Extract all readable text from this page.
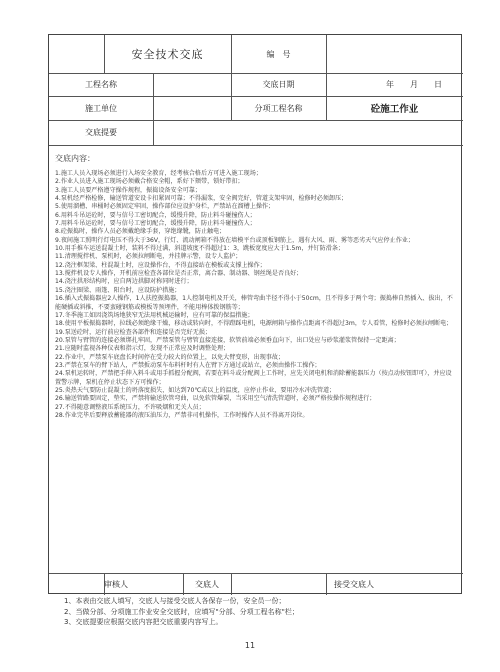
安全技术交底	编　号
工程名称	交底日期	年　　月　　日
施工单位	分项工程名称	砼施工作业
交底提要
交底内容：
1.施工人员入现场必须进行入场安全教育，经考核合格后方可进入施工现场；
2.作业人员进入施工现场必须戴合格安全帽，系好下颏带，锁好带扣；
3.施工人员要严格遵守操作规程，振捣设备安全可靠；
4.泵机经严格检修，输送管道安设卡扣紧固可靠；不得漏浆，安全阀完好，管道支架牢固，检修时必须卸压；
5.使用溜槽、串桶时必须固定牢固，操作部位应设护身栏，严禁站在溜槽上操作；
6.用料斗吊运砼时，要与信号工密切配合，缓慢升降，防止料斗碰撞伤人；
7.用料斗吊运砼时，要与信号工密切配合，缓慢升降，防止料斗碰撞伤人；
8.砼振捣时，操作人员必须戴绝缘手套，穿绝缘靴，防止触电；
9.夜间施工照明行灯电压不得大于36V，行灯、流动闸箱不得放在墙模平台或顶板钢筋上，遇有大风、雨、雾等恶劣天气应停止作业；
10.用手推车运送混凝土时，装料不得过满，斜道坡度不得超过1：3，跳板宽度应大于1.5m，并钉防滑条；
11.清理搅拌机、泵机时，必须拉闸断电，并挂牌示警，设专人监护；
12.浇注框架梁、柱混凝土时，应设操作台，不得直接站在模板或支撑上操作；
13.搅拌机设专人操作，开机前应检查各部位是否正常，离合器、制动器、钢丝绳是否良好；
14.浇注拱形结构时，应自两边拱脚对称同时进行；
15.浇注圈梁、雨篷、阳台时，应设防护措施；
16.插入式振捣器应2人操作，1人扶控振捣器，1人控制电机及开关，棒管弯曲半径不得小于50cm，且不得多于两个弯；振捣棒自然插入、拔出，不能硬插或斜推，不要蛮碰钢筋或模板等预埋件，不能用棒体拨钢筋等；
17.冬季施工如因浇筑场地狭窄无法用机械运输时，应有可靠的保温措施；
18.使用平板振捣器时，拉线必须绝缘干燥，移动或转向时，不得蹬踩电机，电源闸箱与操作点距离不得超过3m，专人看管，检修时必须拉闸断电；
19.泵送砼时，运行前应检查各部件和连接是否完好无损；
20.泵管与臂管的连接必须绑扎牢固，严禁泵管与臂管直接连接，软管前端必须垂直向下，出口处应与砂浆灌浆管保持一定距离；
21.应随时监视各种仪表和指示灯，发现不正常应及时调整处理；
22.作业中，严禁泵车底盘长时间停在受力较大的位置上，以免大臂变形，出现事故；
23.严禁在泵车的臂下站人，严禁扳动泵车布料杆时有人在臂下方通过或站立，必须由操作工操作；
24.泵机运转时，严禁把手伸入料斗或用手抓握分配阀，若要在料斗或分配阀上工作时，应先关闭电机和消除蓄能器压力（按点动按钮即可），并应设置警示牌，泵机在停止状态下方可操作；
25.炎热天气要防止混凝土的坍落度损失，如达到70℃或以上的温度，应停止作业，要用冷水冲洗管道；
26.输送管路要固定，垫实，严禁将输送软管弯曲，以免软管爆裂，当采用空气清洗管道时，必须严格按操作规程进行；
27.不得随意调整液压系统压力，不许吸烟和无关人员；
28.作业完毕后要释放蓄能器的液压油压力，严禁非司机操作，工作时操作人员不得离开岗位。
审核人	交底人	接受交底人
1、本表由交底人填写，交底人与接受交底人各保存一份，安全员一份；
2、当做分部、分项施工作业安全交底时，应填写"分部、分项工程名称"栏；
3、交底提要应根据交底内容把交底重要内容写上。
11
